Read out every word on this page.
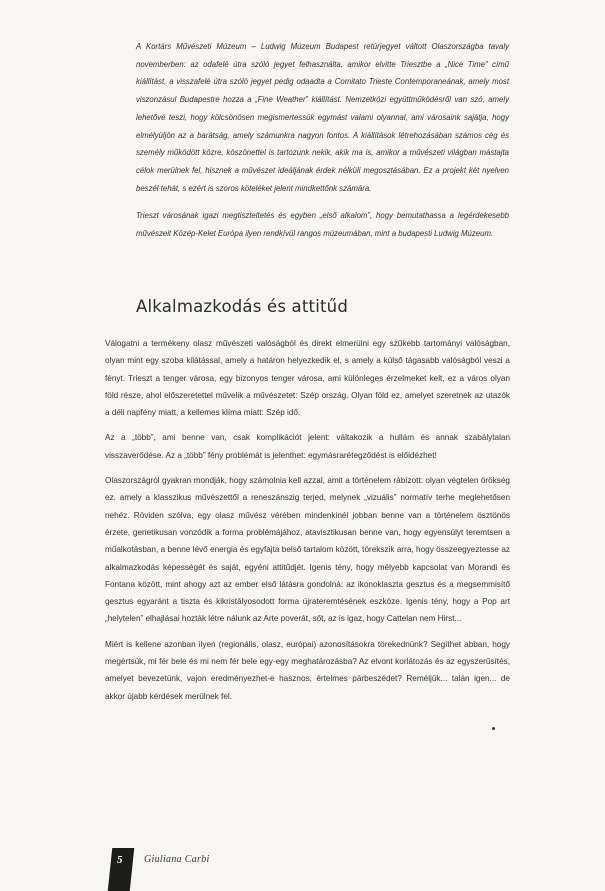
A Kortárs Művészeti Múzeum – Ludwig Múzeum Budapest retúrjegyet váltott Olaszországba tavaly novemberben: az odafelé útra szóló jegyet felhasználta, amikor elvitte Triesztbe a „Nice Time” című kiállítást, a visszafelé útra szóló jegyet pedig odaadta a Comitato Trieste Contemporaneának, amely most viszonzásul Budapestre hozza a „Fine Weather” kiállítást. Nemzetközi együttműködésről van szó, amely lehetővé teszi, hogy kölcsönösen megismertessük egymást valami olyannal, ami városaink sajátja, hogy elmélyüljön az a barátság, amely számunkra nagyon fontos. A kiállítások létrehozásában számos cég és személy működött közre, köszönettel is tartozunk nekik, akik ma is, amikor a művészeti világban mástajta célok merülnek fel, hisznek a művészet ideáljának érdek nélküli megosztásában. Ez a projekt két nyelven beszél tehát, s ezért is szoros köteléket jelent mindkettőnk számára.

Trieszt városának igazi megtiszteltetés és egyben „első alkalom”, hogy bemutathassa a legérdekesebb művészeit Közép-Kelet Európa ilyen rendkívül rangos múzeumában, mint a budapesti Ludwig Múzeum.

Alkalmazkodás és attitűd

Válogatni a termékeny olasz művészeti valóságból és direkt elmerülni egy szűkebb tartományi valóságban, olyan mint egy szoba kilátással, amely a határon helyezkedik el, s amely a külső tágasabb valóságból veszi a fényt. Trieszt a tenger városa, egy bizonyos tenger városa, ami különleges érzelmeket kelt, ez a város olyan föld része, ahol előszeretettel művelik a művészetet: Szép ország. Olyan föld ez, amelyet szeretnek az utazók a déli napfény miatt, a kellemes klíma miatt: Szép idő.

Az a „több”, ami benne van, csak komplikációt jelent: váltakozik a hullám és annak szabálytalan visszaverődése. Az a „több” fény problémát is jelenthet: egymásrarétegződést is előidézhet!

Olaszországról gyakran mondják, hogy számolnia kell azzal, amit a történelem rábízott: olyan végtelen örökség ez, amely a klasszikus művészettől a reneszánszig terjed, melynek „vizuális” normatív terhe meglehetősen nehéz. Röviden szólva, egy olasz művész vérében mindenkinél jobban benne van a történelem ösztönös érzete, genetikusan vonzódik a forma problémájához, atavisztikusan benne van, hogy egyensúlyt teremtsen a műalkotásban, a benne lévő energia és egyfajta belső tartalom között, törekszik arra, hogy összeegyeztesse az alkalmazkodás képességét és saját, egyéni attitűdjét. Igenis tény, hogy mélyebb kapcsolat van Morandi és Fontana között, mint ahogy azt az ember első látásra gondolná: az ikonoklaszta gesztus és a megsemmisítő gesztus egyaránt a tiszta és kikristályosodott forma újrateremtésének eszköze. Igenis tény, hogy a Pop art „helytelen” elhajlásai hozták létre nálunk az Arte poverát, sőt, az is igaz, hogy Cattelan nem Hirst...

Miért is kellene azonban ilyen (regionális, olasz, európai) azonosításokra törekednünk? Segíthet abban, hogy megértsük, mi fér bele és mi nem fér bele egy-egy meghatározásba? Az elvont korlátozás és az egyszerűsítés, amelyet bevezetünk, vajon eredményezhet-e hasznos, értelmes párbeszédet? Reméljük... talán igen... de akkor újabb kérdések merülnek fel.

5 Giuliana Carbi
